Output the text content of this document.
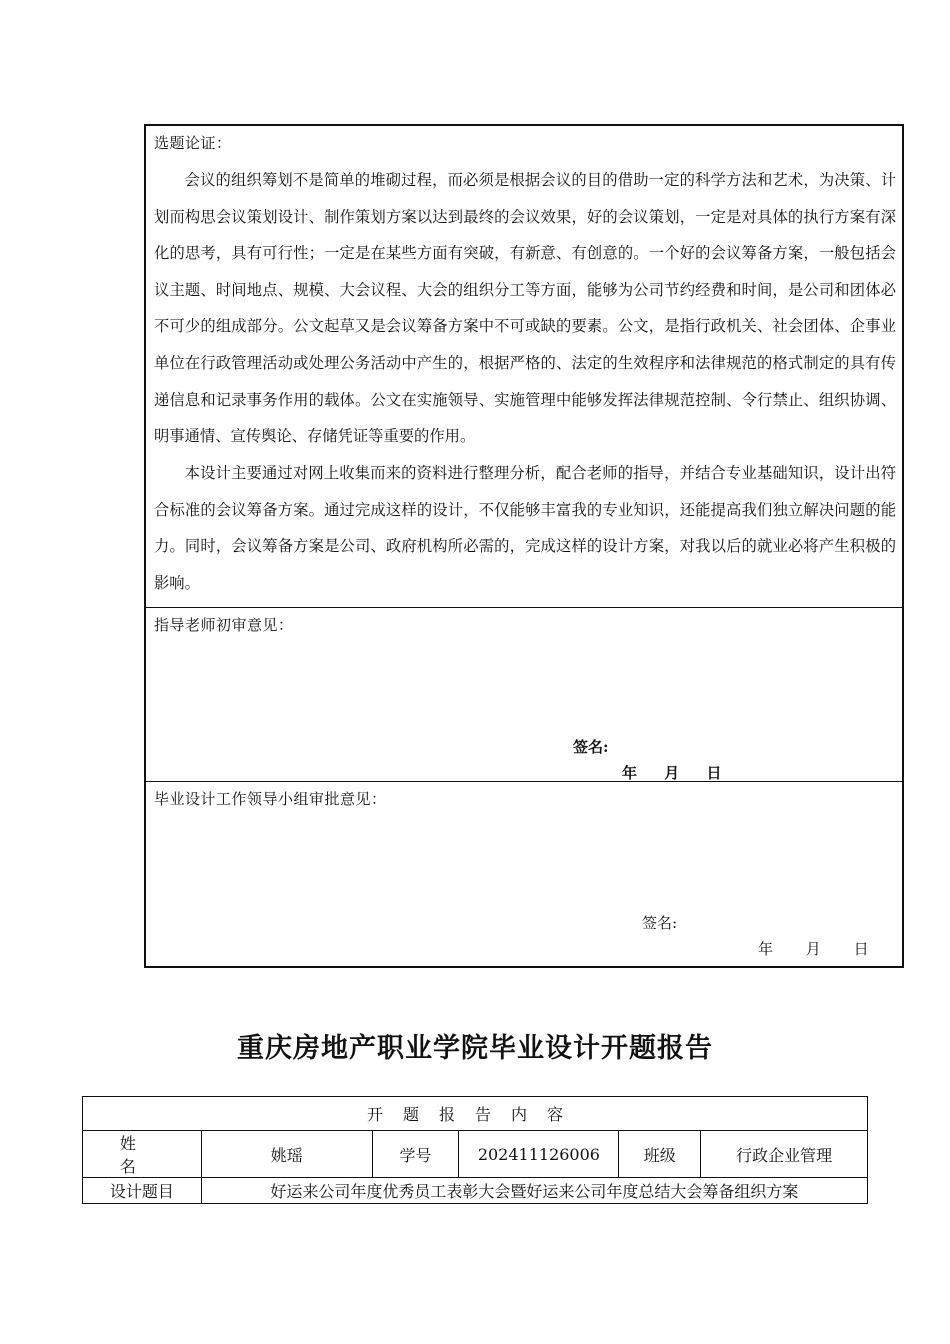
选题论证：
会议的组织筹划不是简单的堆砌过程，而必须是根据会议的目的借助一定的科学方法和艺术，为决策、计划而构思会议策划设计、制作策划方案以达到最终的会议效果，好的会议策划，一定是对具体的执行方案有深化的思考，具有可行性；一定是在某些方面有突破，有新意、有创意的。一个好的会议筹备方案，一般包括会议主题、时间地点、规模、大会议程、大会的组织分工等方面，能够为公司节约经费和时间，是公司和团体必不可少的组成部分。公文起草又是会议筹备方案中不可或缺的要素。公文，是指行政机关、社会团体、企事业单位在行政管理活动或处理公务活动中产生的，根据严格的、法定的生效程序和法律规范的格式制定的具有传递信息和记录事务作用的载体。公文在实施领导、实施管理中能够发挥法律规范控制、令行禁止、组织协调、明事通情、宣传舆论、存储凭证等重要的作用。
本设计主要通过对网上收集而来的资料进行整理分析，配合老师的指导，并结合专业基础知识，设计出符合标准的会议筹备方案。通过完成这样的设计，不仅能够丰富我的专业知识，还能提高我们独立解决问题的能力。同时，会议筹备方案是公司、政府机构所必需的，完成这样的设计方案，对我以后的就业必将产生积极的影响。
指导老师初审意见：
签名:
年 月 日
毕业设计工作领导小组审批意见：
签名:
年 月 日
重庆房地产职业学院毕业设计开题报告
开题报告内容					
姓 名	姚瑶	学号	202411126006	班级	行政企业管理
设计题目	好运来公司年度优秀员工表彰大会暨好运来公司年度总结大会筹备组织方案				
